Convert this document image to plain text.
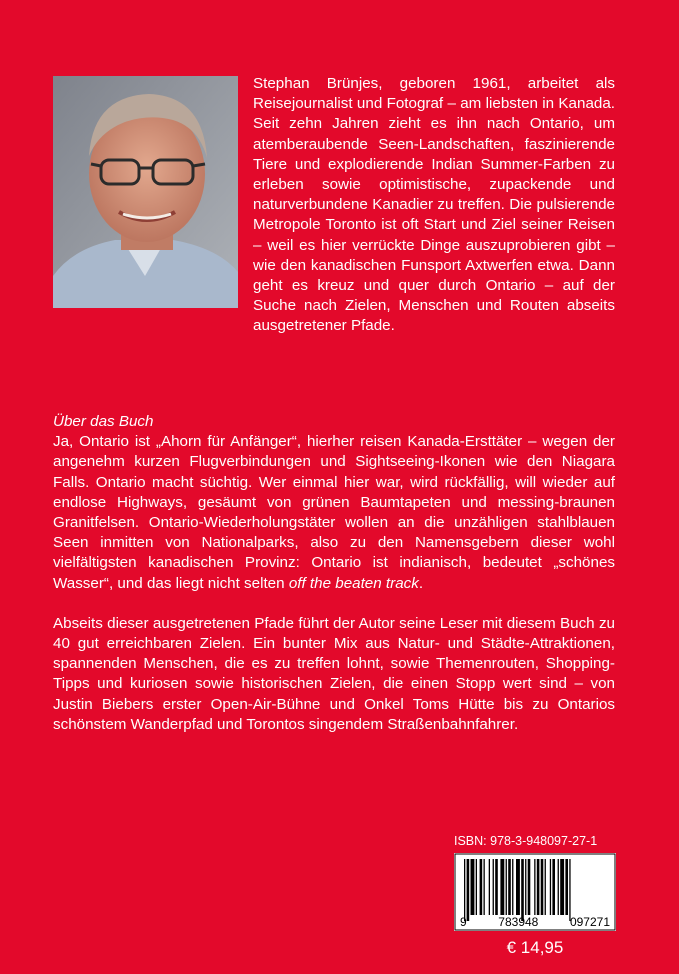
Stephan Brünjes, geboren 1961, arbeitet als Reisejournalist und Fotograf – am liebsten in Kanada. Seit zehn Jahren zieht es ihn nach Ontario, um atemberaubende Seen-Landschaften, faszinierende Tiere und explodierende Indian Summer-Farben zu erleben sowie optimistische, zupackende und naturverbundene Kanadier zu treffen. Die pulsierende Metropole Toronto ist oft Start und Ziel seiner Reisen – weil es hier verrückte Dinge auszuprobieren gibt – wie den kanadischen Funsport Axtwerfen etwa. Dann geht es kreuz und quer durch Ontario – auf der Suche nach Zielen, Menschen und Routen abseits ausgetretener Pfade.
Über das Buch

Ja, Ontario ist „Ahorn für Anfänger“, hierher reisen Kanada-Ersttäter – wegen der angenehm kurzen Flugverbindungen und Sightseeing-Ikonen wie den Niagara Falls. Ontario macht süchtig. Wer einmal hier war, wird rückfällig, will wieder auf endlose Highways, gesäumt von grünen Baumtapeten und messing-braunen Granitfelsen. Ontario-Wiederholungstäter wollen an die unzähligen stahlblauen Seen inmitten von Nationalparks, also zu den Namensgebern dieser wohl vielfältigsten kanadischen Provinz: Ontario ist indianisch, bedeutet „schönes Wasser“, und das liegt nicht selten off the beaten track.

Abseits dieser ausgetretenen Pfade führt der Autor seine Leser mit diesem Buch zu 40 gut erreichbaren Zielen. Ein bunter Mix aus Natur- und Städte-Attraktionen, spannenden Menschen, die es zu treffen lohnt, sowie Themenrouten, Shopping-Tipps und kuriosen sowie historischen Zielen, die einen Stopp wert sind – von Justin Biebers erster Open-Air-Bühne und Onkel Toms Hütte bis zu Ontarios schönstem Wanderpfad und Torontos singendem Straßenbahnfahrer.

ISBN: 978-3-948097-27-1
9	783948	097271
€ 14,95
